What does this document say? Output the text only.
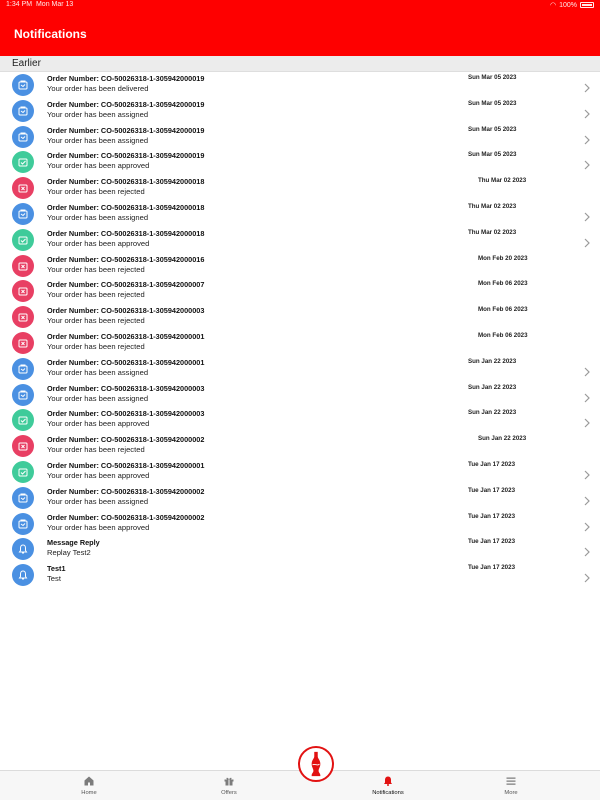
1:34 PM Mon Mar 13	◠ 100%
Notifications
Earlier
Order Number: CO-50026318-1-305942000019
Your order has been delivered
Sun Mar 05 2023
Order Number: CO-50026318-1-305942000019
Your order has been assigned
Sun Mar 05 2023
Order Number: CO-50026318-1-305942000019
Your order has been assigned
Sun Mar 05 2023
Order Number: CO-50026318-1-305942000019
Your order has been approved
Sun Mar 05 2023
Order Number: CO-50026318-1-305942000018
Your order has been rejected
Thu Mar 02 2023
Order Number: CO-50026318-1-305942000018
Your order has been assigned
Thu Mar 02 2023
Order Number: CO-50026318-1-305942000018
Your order has been approved
Thu Mar 02 2023
Order Number: CO-50026318-1-305942000016
Your order has been rejected
Mon Feb 20 2023
Order Number: CO-50026318-1-305942000007
Your order has been rejected
Mon Feb 06 2023
Order Number: CO-50026318-1-305942000003
Your order has been rejected
Mon Feb 06 2023
Order Number: CO-50026318-1-305942000001
Your order has been rejected
Mon Feb 06 2023
Order Number: CO-50026318-1-305942000001
Your order has been assigned
Sun Jan 22 2023
Order Number: CO-50026318-1-305942000003
Your order has been assigned
Sun Jan 22 2023
Order Number: CO-50026318-1-305942000003
Your order has been approved
Sun Jan 22 2023
Order Number: CO-50026318-1-305942000002
Your order has been rejected
Sun Jan 22 2023
Order Number: CO-50026318-1-305942000001
Your order has been approved
Tue Jan 17 2023
Order Number: CO-50026318-1-305942000002
Your order has been assigned
Tue Jan 17 2023
Order Number: CO-50026318-1-305942000002
Your order has been approved
Tue Jan 17 2023
Message Reply
Replay Test2
Tue Jan 17 2023
Test1
Test
Tue Jan 17 2023
Home	Offers	Notifications	More
